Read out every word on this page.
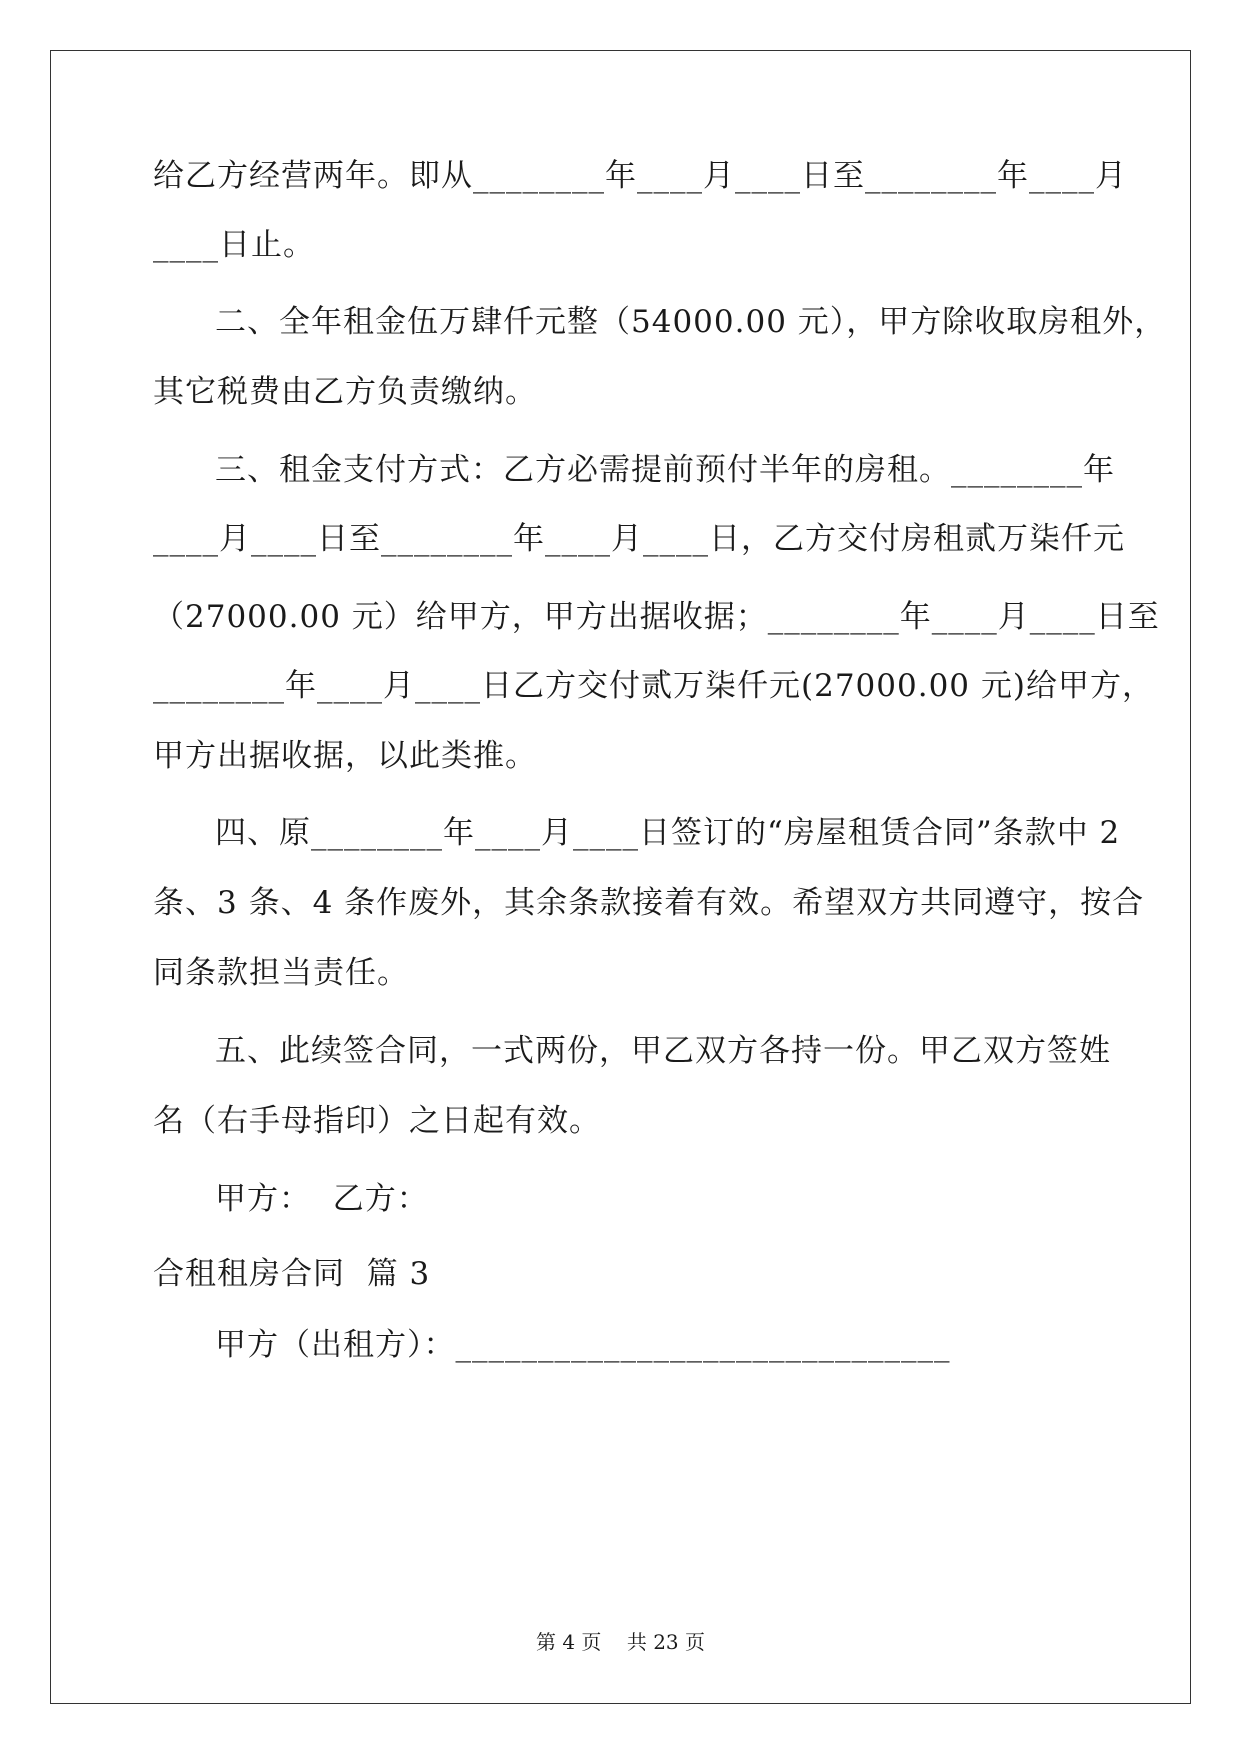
给乙方经营两年。即从________年____月____日至________年____月
____日止。
二、全年租金伍万肆仟元整（54000.00 元），甲方除收取房租外，
其它税费由乙方负责缴纳。
三、租金支付方式：乙方必需提前预付半年的房租。________年
____月____日至________年____月____日，乙方交付房租贰万柒仟元
（27000.00 元）给甲方，甲方出据收据；________年____月____日至
________年____月____日乙方交付贰万柒仟元(27000.00 元)给甲方，
甲方出据收据，以此类推。
四、原________年____月____日签订的“房屋租赁合同”条款中 2
条、3 条、4 条作废外，其余条款接着有效。希望双方共同遵守，按合
同条款担当责任。
五、此续签合同，一式两份，甲乙双方各持一份。甲乙双方签姓
名（右手母指印）之日起有效。
甲方：  乙方：
合租租房合同  篇 3
甲方（出租方）：______________________________
第 4 页    共 23 页
